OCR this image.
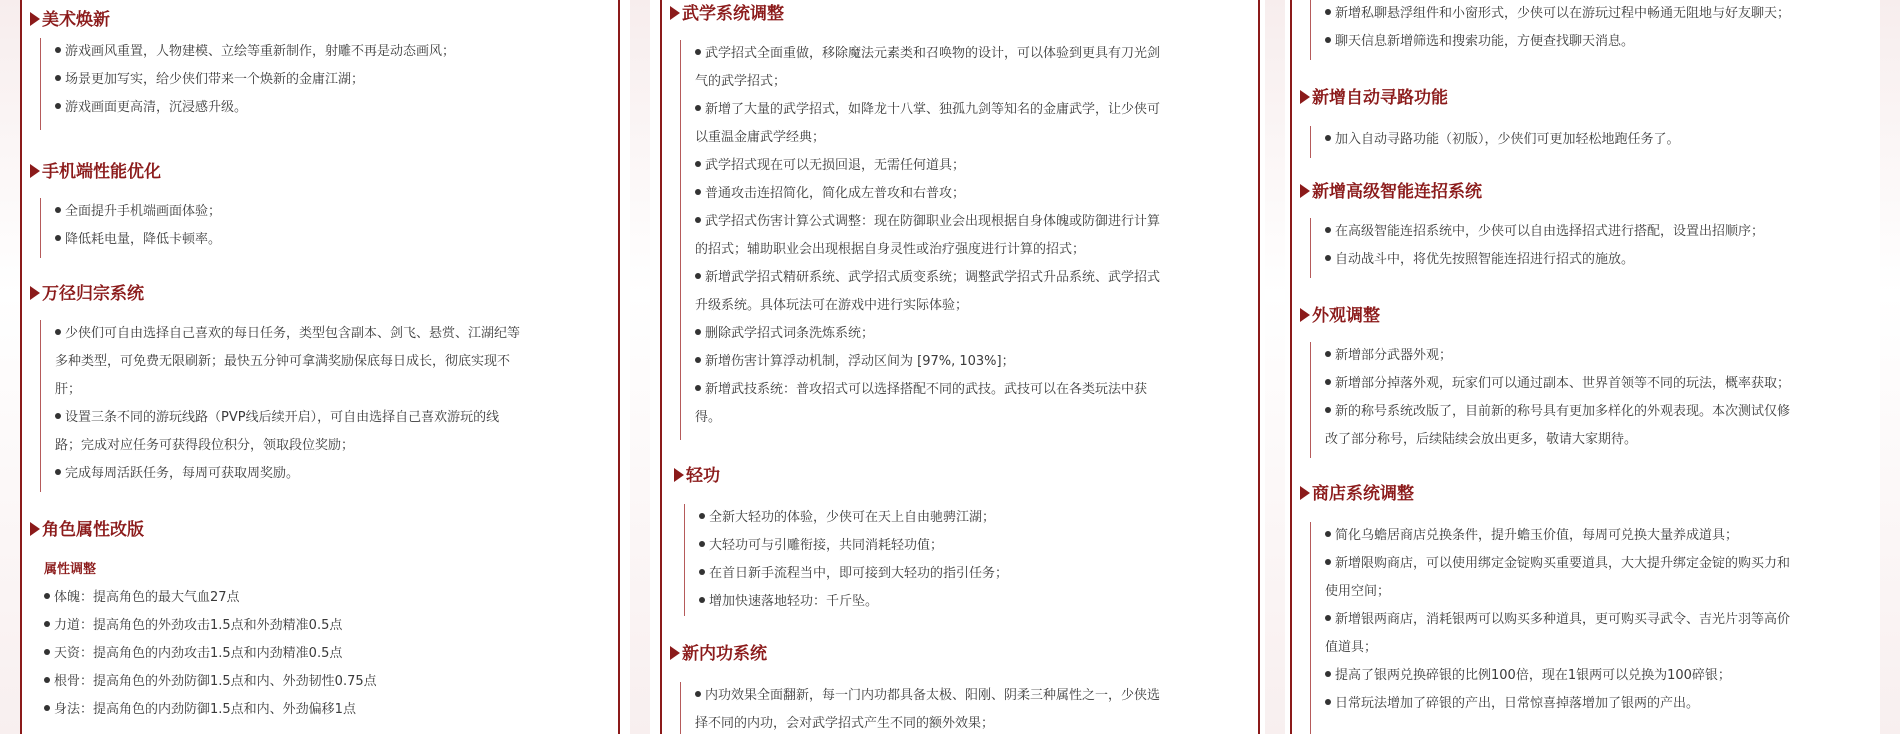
美术焕新

游戏画风重置，人物建模、立绘等重新制作，射雕不再是动态画风；

场景更加写实，给少侠们带来一个焕新的金庸江湖；

游戏画面更高清，沉浸感升级。

手机端性能优化

全面提升手机端画面体验；

降低耗电量，降低卡顿率。

万径归宗系统

少侠们可自由选择自己喜欢的每日任务，类型包含副本、剑飞、悬赏、江湖纪等

多种类型，可免费无限刷新；最快五分钟可拿满奖励保底每日成长，彻底实现不

肝；

设置三条不同的游玩线路（PVP线后续开启），可自由选择自己喜欢游玩的线

路；完成对应任务可获得段位积分，领取段位奖励；

完成每周活跃任务，每周可获取周奖励。

角色属性改版

属性调整

体魄：提高角色的最大气血27点

力道：提高角色的外劲攻击1.5点和外劲精准0.5点

天资：提高角色的内劲攻击1.5点和内劲精准0.5点

根骨：提高角色的外劲防御1.5点和内、外劲韧性0.75点

身法：提高角色的内劲防御1.5点和内、外劲偏移1点

武学系统调整

武学招式全面重做，移除魔法元素类和召唤物的设计，可以体验到更具有刀光剑

气的武学招式；

新增了大量的武学招式，如降龙十八掌、独孤九剑等知名的金庸武学，让少侠可

以重温金庸武学经典；

武学招式现在可以无损回退，无需任何道具；

普通攻击连招简化，简化成左普攻和右普攻；

武学招式伤害计算公式调整：现在防御职业会出现根据自身体魄或防御进行计算

的招式；辅助职业会出现根据自身灵性或治疗强度进行计算的招式；

新增武学招式精研系统、武学招式质变系统；调整武学招式升品系统、武学招式

升级系统。具体玩法可在游戏中进行实际体验；

删除武学招式词条洗炼系统；

新增伤害计算浮动机制，浮动区间为 [97%, 103%]；

新增武技系统：普攻招式可以选择搭配不同的武技。武技可以在各类玩法中获

得。

轻功

全新大轻功的体验，少侠可在天上自由驰骋江湖；

大轻功可与引雕衔接，共同消耗轻功值；

在首日新手流程当中，即可接到大轻功的指引任务；

增加快速落地轻功：千斤坠。

新内功系统

内功效果全面翻新，每一门内功都具备太极、阳刚、阴柔三种属性之一，少侠选

择不同的内功，会对武学招式产生不同的额外效果；

新增私聊悬浮组件和小窗形式，少侠可以在游玩过程中畅通无阻地与好友聊天；

聊天信息新增筛选和搜索功能，方便查找聊天消息。

新增自动寻路功能

加入自动寻路功能（初版），少侠们可更加轻松地跑任务了。

新增高级智能连招系统

在高级智能连招系统中，少侠可以自由选择招式进行搭配，设置出招顺序；

自动战斗中，将优先按照智能连招进行招式的施放。

外观调整

新增部分武器外观；

新增部分掉落外观，玩家们可以通过副本、世界首领等不同的玩法，概率获取；

新的称号系统改版了，目前新的称号具有更加多样化的外观表现。本次测试仅修

改了部分称号，后续陆续会放出更多，敬请大家期待。

商店系统调整

简化乌蟾居商店兑换条件，提升蟾玉价值，每周可兑换大量养成道具；

新增限购商店，可以使用绑定金锭购买重要道具，大大提升绑定金锭的购买力和

使用空间；

新增银两商店，消耗银两可以购买多种道具，更可购买寻武令、吉光片羽等高价

值道具；

提高了银两兑换碎银的比例100倍，现在1银两可以兑换为100碎银；

日常玩法增加了碎银的产出，日常惊喜掉落增加了银两的产出。
